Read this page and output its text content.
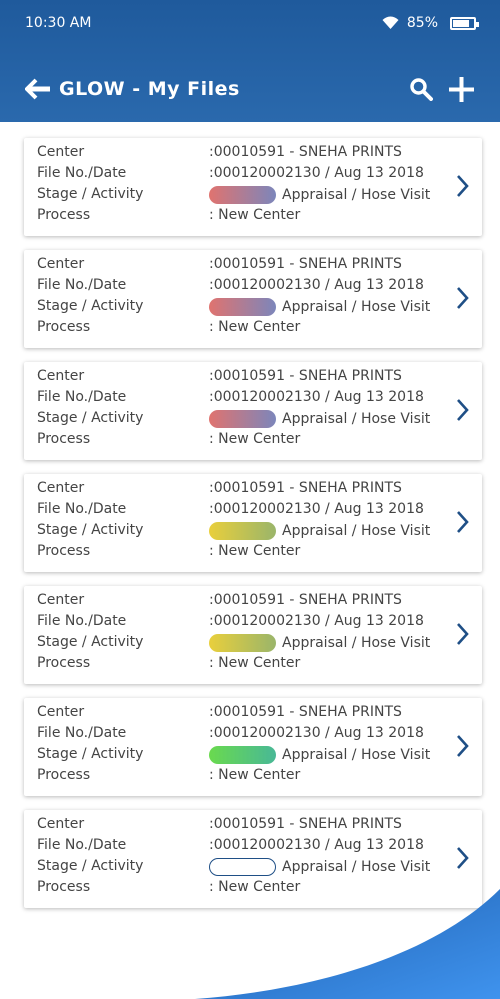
10:30 AM	85%
GLOW - My Files
Center	:00010591 - SNEHA PRINTS
File No./Date	:000120002130 / Aug 13 2018
Stage / Activity	Appraisal / Hose Visit
Process	: New Center
Center	:00010591 - SNEHA PRINTS
File No./Date	:000120002130 / Aug 13 2018
Stage / Activity	Appraisal / Hose Visit
Process	: New Center
Center	:00010591 - SNEHA PRINTS
File No./Date	:000120002130 / Aug 13 2018
Stage / Activity	Appraisal / Hose Visit
Process	: New Center
Center	:00010591 - SNEHA PRINTS
File No./Date	:000120002130 / Aug 13 2018
Stage / Activity	Appraisal / Hose Visit
Process	: New Center
Center	:00010591 - SNEHA PRINTS
File No./Date	:000120002130 / Aug 13 2018
Stage / Activity	Appraisal / Hose Visit
Process	: New Center
Center	:00010591 - SNEHA PRINTS
File No./Date	:000120002130 / Aug 13 2018
Stage / Activity	Appraisal / Hose Visit
Process	: New Center
Center	:00010591 - SNEHA PRINTS
File No./Date	:000120002130 / Aug 13 2018
Stage / Activity	Appraisal / Hose Visit
Process	: New Center
